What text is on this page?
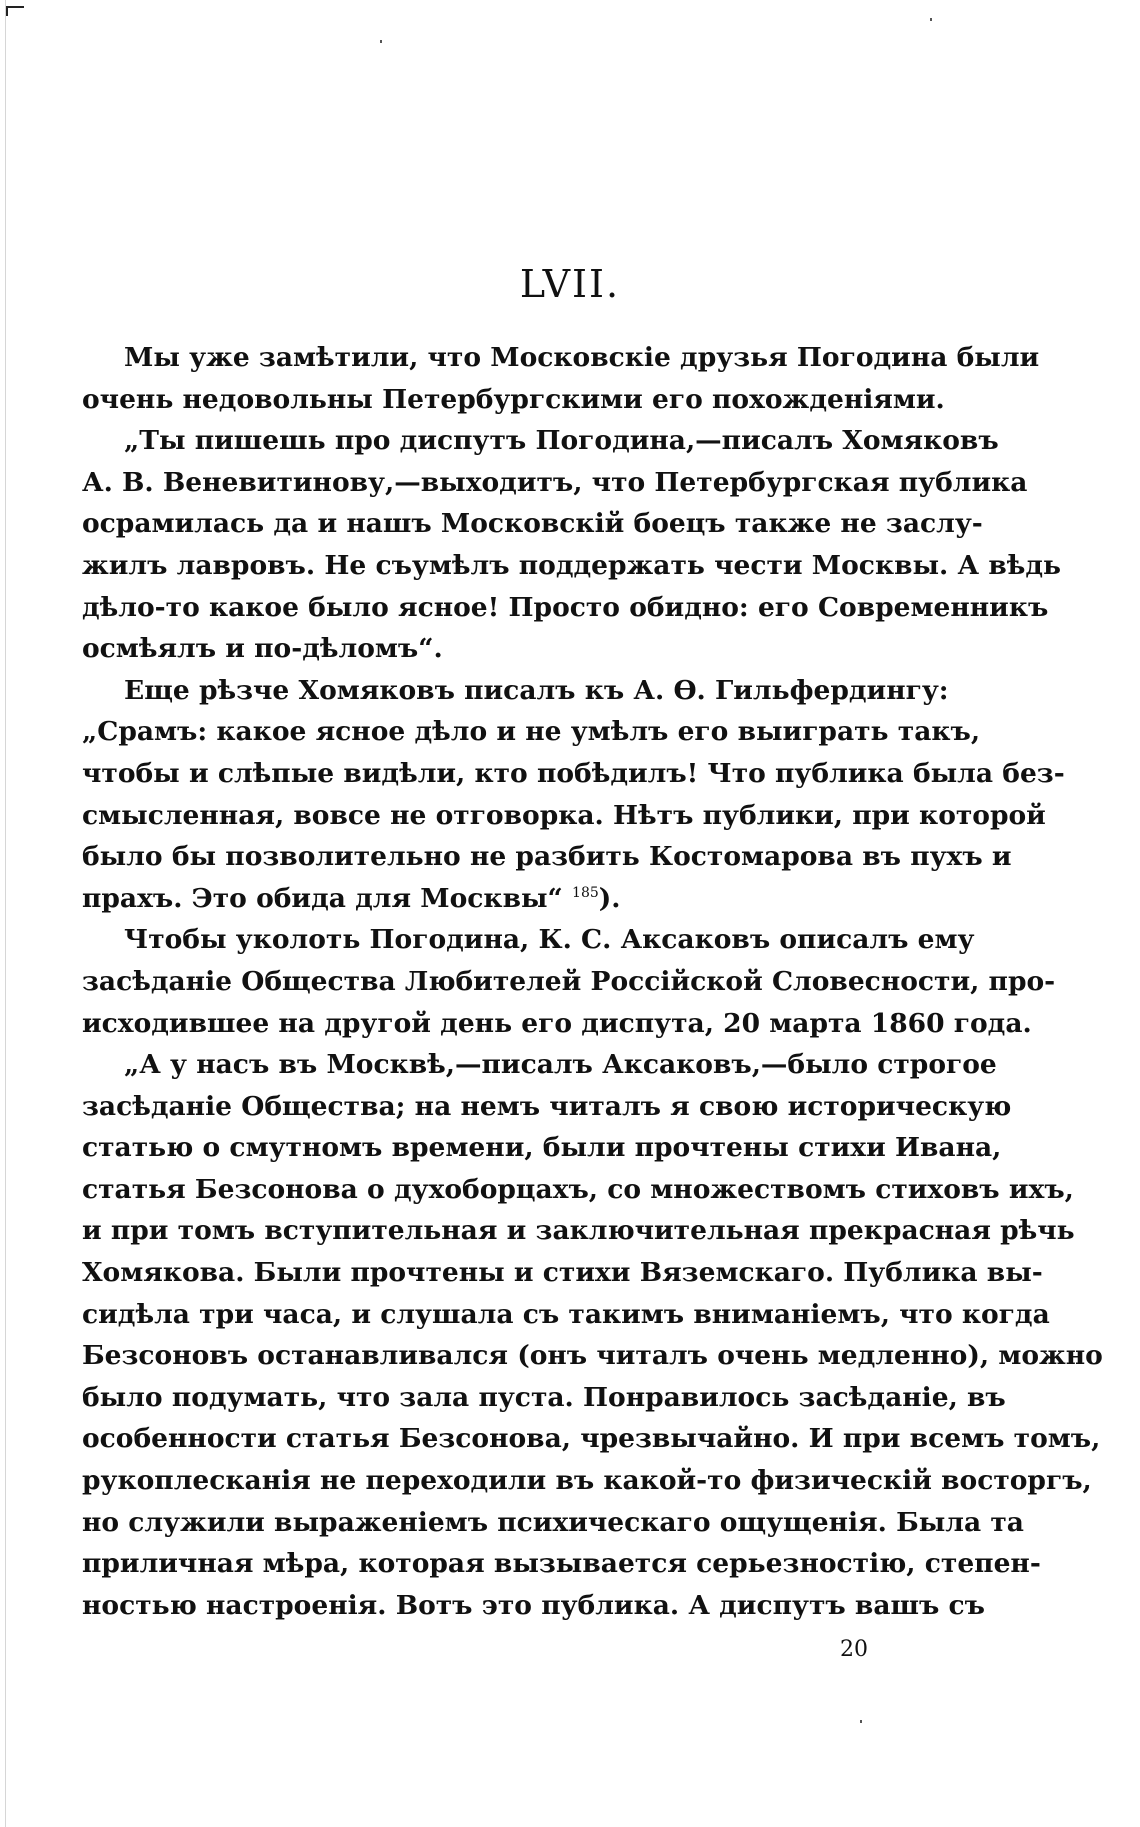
LVII.
Мы уже замѣтили, что Московскіе друзья Погодина были
очень недовольны Петербургскими его похожденіями.
„Ты пишешь про диспутъ Погодина,—писалъ Хомяковъ
А. В. Веневитинову,—выходитъ, что Петербургская публика
осрамилась да и нашъ Московскій боецъ также не заслу-
жилъ лавровъ. Не съумѣлъ поддержать чести Москвы. А вѣдь
дѣло-то какое было ясное! Просто обидно: его Современникъ
осмѣялъ и по-дѣломъ“.
Еще рѣзче Хомяковъ писалъ къ А. Ѳ. Гильфердингу:
„Срамъ: какое ясное дѣло и не умѣлъ его выиграть такъ,
чтобы и слѣпые видѣли, кто побѣдилъ! Что публика была без-
смысленная, вовсе не отговорка. Нѣтъ публики, при которой
было бы позволительно не разбить Костомарова въ пухъ и
прахъ. Это обида для Москвы“ $^{185}$).
Чтобы уколоть Погодина, К. С. Аксаковъ описалъ ему
засѣданіе Общества Любителей Россійской Словесности, про-
исходившее на другой день его диспута, 20 марта 1860 года.
„А у насъ въ Москвѣ,—писалъ Аксаковъ,—было строгое
засѣданіе Общества; на немъ читалъ я свою историческую
статью о смутномъ времени, были прочтены стихи Ивана,
статья Безсонова о духоборцахъ, со множествомъ стиховъ ихъ,
и при томъ вступительная и заключительная прекрасная рѣчь
Хомякова. Были прочтены и стихи Вяземскаго. Публика вы-
сидѣла три часа, и слушала съ такимъ вниманіемъ, что когда
Безсоновъ останавливался (онъ читалъ очень медленно), можно
было подумать, что зала пуста. Понравилось засѣданіе, въ
особенности статья Безсонова, чрезвычайно. И при всемъ томъ,
рукоплесканія не переходили въ какой-то физическій восторгъ,
но служили выраженіемъ психическаго ощущенія. Была та
приличная мѣра, которая вызывается серьезностію, степен-
ностью настроенія. Вотъ это публика. А диспутъ вашъ съ
20
